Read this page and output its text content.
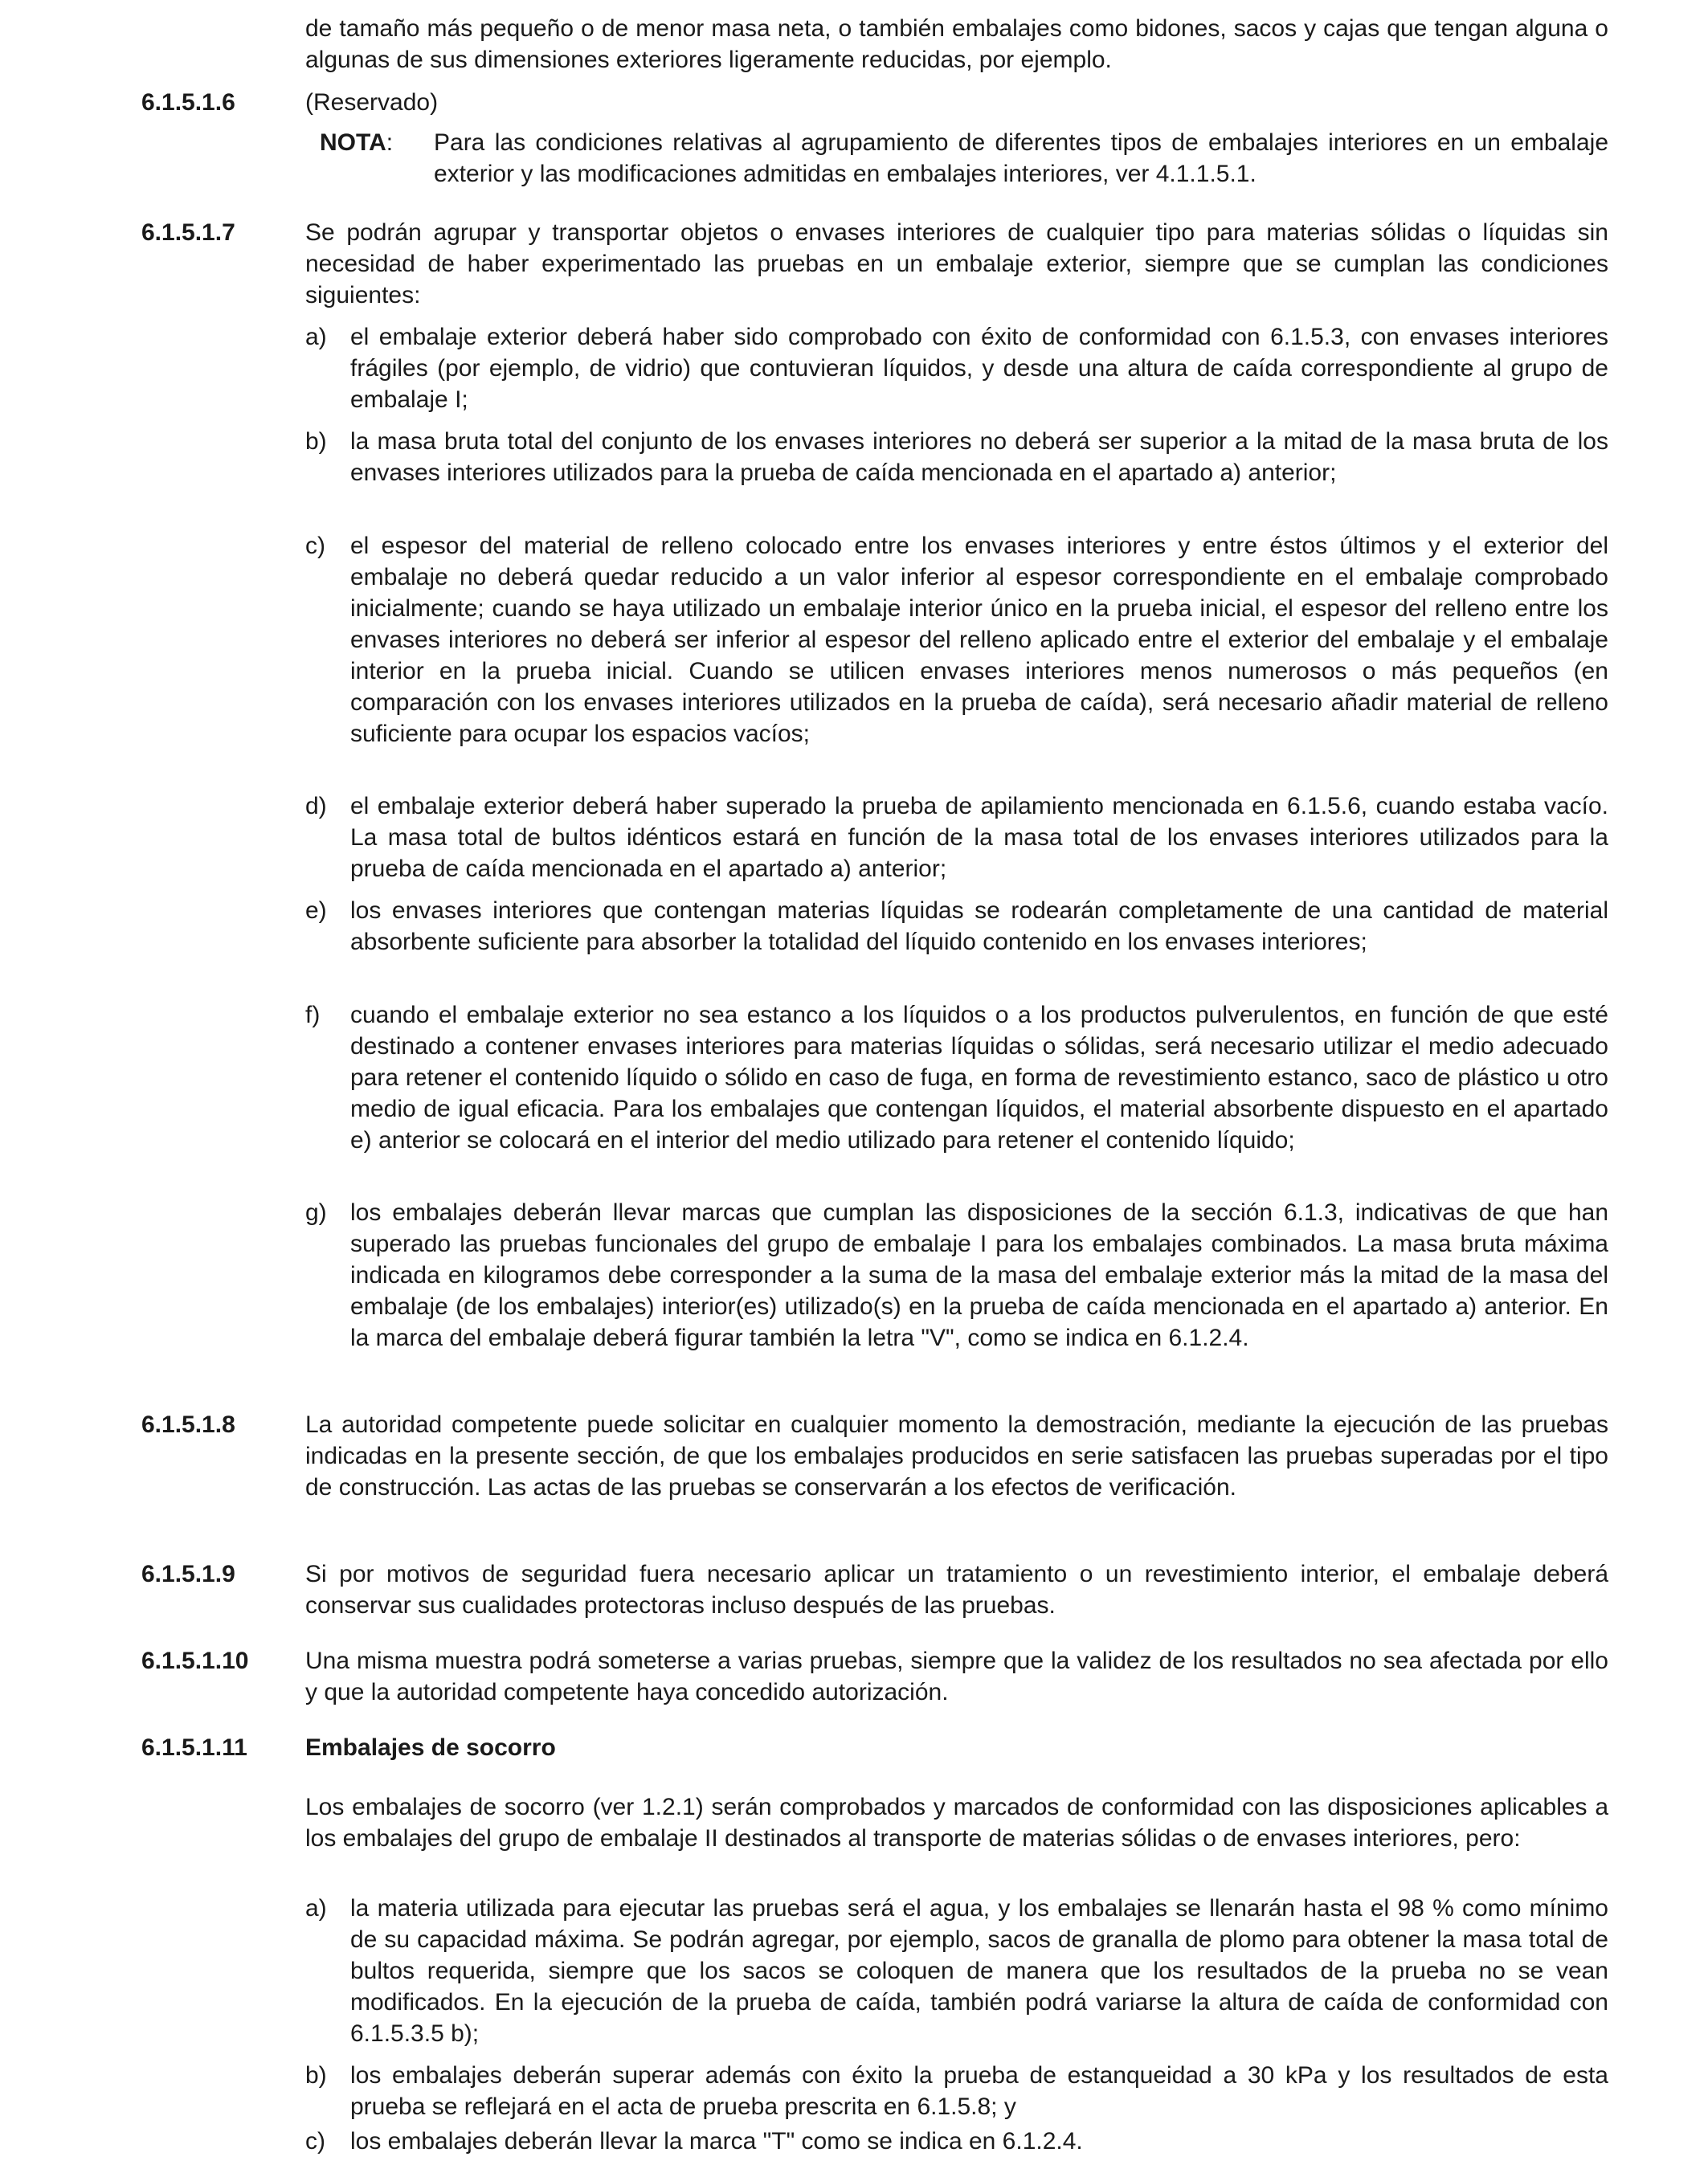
de tamaño más pequeño o de menor masa neta, o también embalajes como bidones, sacos y cajas que tengan alguna o algunas de sus dimensiones exteriores ligeramente reducidas, por ejemplo.

6.1.5.1.6	(Reservado)

NOTA: Para las condiciones relativas al agrupamiento de diferentes tipos de embalajes interiores en un embalaje exterior y las modificaciones admitidas en embalajes interiores, ver 4.1.1.5.1.

6.1.5.1.7	Se podrán agrupar y transportar objetos o envases interiores de cualquier tipo para materias sólidas o líquidas sin necesidad de haber experimentado las pruebas en un embalaje exterior, siempre que se cumplan las condiciones siguientes:

a) el embalaje exterior deberá haber sido comprobado con éxito de conformidad con 6.1.5.3, con envases interiores frágiles (por ejemplo, de vidrio) que contuvieran líquidos, y desde una altura de caída correspondiente al grupo de embalaje I;

b) la masa bruta total del conjunto de los envases interiores no deberá ser superior a la mitad de la masa bruta de los envases interiores utilizados para la prueba de caída mencionada en el apartado a) anterior;

c) el espesor del material de relleno colocado entre los envases interiores y entre éstos últimos y el exterior del embalaje no deberá quedar reducido a un valor inferior al espesor correspondiente en el embalaje comprobado inicialmente; cuando se haya utilizado un embalaje interior único en la prueba inicial, el espesor del relleno entre los envases interiores no deberá ser inferior al espesor del relleno aplicado entre el exterior del embalaje y el embalaje interior en la prueba inicial. Cuando se utilicen envases interiores menos numerosos o más pequeños (en comparación con los envases interiores utilizados en la prueba de caída), será necesario añadir material de relleno suficiente para ocupar los espacios vacíos;

d) el embalaje exterior deberá haber superado la prueba de apilamiento mencionada en 6.1.5.6, cuando estaba vacío. La masa total de bultos idénticos estará en función de la masa total de los envases interiores utilizados para la prueba de caída mencionada en el apartado a) anterior;

e) los envases interiores que contengan materias líquidas se rodearán completamente de una cantidad de material absorbente suficiente para absorber la totalidad del líquido contenido en los envases interiores;

f) cuando el embalaje exterior no sea estanco a los líquidos o a los productos pulverulentos, en función de que esté destinado a contener envases interiores para materias líquidas o sólidas, será necesario utilizar el medio adecuado para retener el contenido líquido o sólido en caso de fuga, en forma de revestimiento estanco, saco de plástico u otro medio de igual eficacia. Para los embalajes que contengan líquidos, el material absorbente dispuesto en el apartado e) anterior se colocará en el interior del medio utilizado para retener el contenido líquido;

g) los embalajes deberán llevar marcas que cumplan las disposiciones de la sección 6.1.3, indicativas de que han superado las pruebas funcionales del grupo de embalaje I para los embalajes combinados. La masa bruta máxima indicada en kilogramos debe corresponder a la suma de la masa del embalaje exterior más la mitad de la masa del embalaje (de los embalajes) interior(es) utilizado(s) en la prueba de caída mencionada en el apartado a) anterior. En la marca del embalaje deberá figurar también la letra "V", como se indica en 6.1.2.4.

6.1.5.1.8	La autoridad competente puede solicitar en cualquier momento la demostración, mediante la ejecución de las pruebas indicadas en la presente sección, de que los embalajes producidos en serie satisfacen las pruebas superadas por el tipo de construcción. Las actas de las pruebas se conservarán a los efectos de verificación.

6.1.5.1.9	Si por motivos de seguridad fuera necesario aplicar un tratamiento o un revestimiento interior, el embalaje deberá conservar sus cualidades protectoras incluso después de las pruebas.

6.1.5.1.10 Una misma muestra podrá someterse a varias pruebas, siempre que la validez de los resultados no sea afectada por ello y que la autoridad competente haya concedido autorización.

6.1.5.1.11 Embalajes de socorro

Los embalajes de socorro (ver 1.2.1) serán comprobados y marcados de conformidad con las disposiciones aplicables a los embalajes del grupo de embalaje II destinados al transporte de materias sólidas o de envases interiores, pero:

a) la materia utilizada para ejecutar las pruebas será el agua, y los embalajes se llenarán hasta el 98 % como mínimo de su capacidad máxima. Se podrán agregar, por ejemplo, sacos de granalla de plomo para obtener la masa total de bultos requerida, siempre que los sacos se coloquen de manera que los resultados de la prueba no se vean modificados. En la ejecución de la prueba de caída, también podrá variarse la altura de caída de conformidad con 6.1.5.3.5 b);

b) los embalajes deberán superar además con éxito la prueba de estanqueidad a 30 kPa y los resultados de esta prueba se reflejará en el acta de prueba prescrita en 6.1.5.8; y

c) los embalajes deberán llevar la marca "T" como se indica en 6.1.2.4.
